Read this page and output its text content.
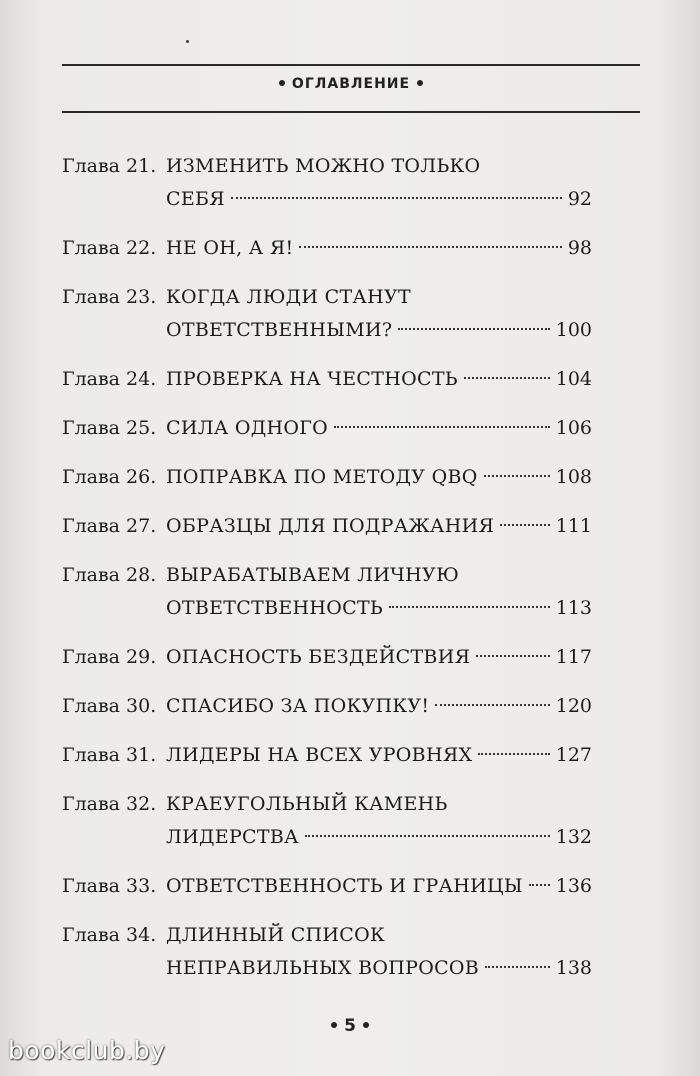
ОГЛАВЛЕНИЕ
Глава 21. ИЗМЕНИТЬ МОЖНО ТОЛЬКО
СЕБЯ	92
Глава 22. НЕ ОН, А Я!	98
Глава 23. КОГДА ЛЮДИ СТАНУТ
ОТВЕТСТВЕННЫМИ?	100
Глава 24. ПРОВЕРКА НА ЧЕСТНОСТЬ	104
Глава 25. СИЛА ОДНОГО	106
Глава 26. ПОПРАВКА ПО МЕТОДУ QBQ	108
Глава 27. ОБРАЗЦЫ ДЛЯ ПОДРАЖАНИЯ	111
Глава 28. ВЫРАБАТЫВАЕМ ЛИЧНУЮ
ОТВЕТСТВЕННОСТЬ	113
Глава 29. ОПАСНОСТЬ БЕЗДЕЙСТВИЯ	117
Глава 30. СПАСИБО ЗА ПОКУПКУ!	120
Глава 31. ЛИДЕРЫ НА ВСЕХ УРОВНЯХ	127
Глава 32. КРАЕУГОЛЬНЫЙ КАМЕНЬ
ЛИДЕРСТВА	132
Глава 33. ОТВЕТСТВЕННОСТЬ И ГРАНИЦЫ 136
Глава 34. ДЛИННЫЙ СПИСОК
НЕПРАВИЛЬНЫХ ВОПРОСОВ	138
5
bookclub.by
